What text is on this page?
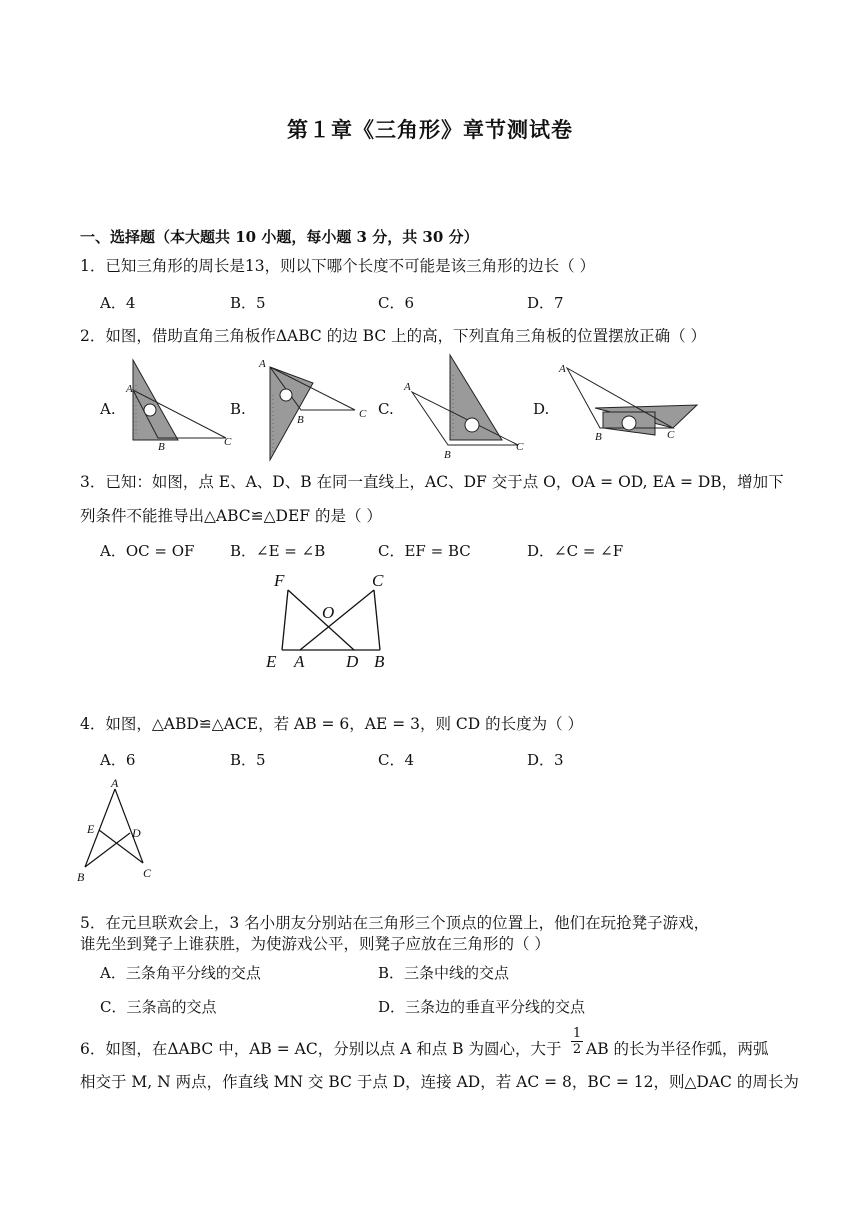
第１章《三角形》章节测试卷
一、选择题（本大题共 10 小题，每小题 3 分，共 30 分）
1．已知三角形的周长是13，则以下哪个长度不可能是该三角形的边长（ ）
A．4	B．5	C．6	D．7
2．如图，借助直角三角板作ΔABC 的边 BC 上的高，下列直角三角板的位置摆放正确（ ）
A.	B.	C.	D.
A
B	C
A
B	C
A
B
C
A
B	C
3．已知：如图，点 E、A、D、B 在同一直线上，AC、DF 交于点 O，OA = OD, EA = DB，增加下
列条件不能推导出△ABC≌△DEF 的是（ ）
A．OC = OF B．∠E = ∠B	C．EF = BC	D．∠C = ∠F
F	C
O
E A D B
4．如图，△ABD≌△ACE，若 AB = 6，AE = 3，则 CD 的长度为（ ）
A．6	B．5	C．4	D．3
A
E	D
B	C
5．在元旦联欢会上，3 名小朋友分别站在三角形三个顶点的位置上，他们在玩抢凳子游戏，
谁先坐到凳子上谁获胜，为使游戏公平，则凳子应放在三角形的（ ）
A．三条角平分线的交点	B．三条中线的交点
C．三条高的交点	D．三条边的垂直平分线的交点
6．如图，在ΔABC 中，AB = AC，分别以点 A 和点 B 为圆心，大于 $\frac{1}{2}$ AB 的长为半径作弧，两弧
相交于 M, N 两点，作直线 MN 交 BC 于点 D，连接 AD，若 AC = 8，BC = 12，则△DAC 的周长为
